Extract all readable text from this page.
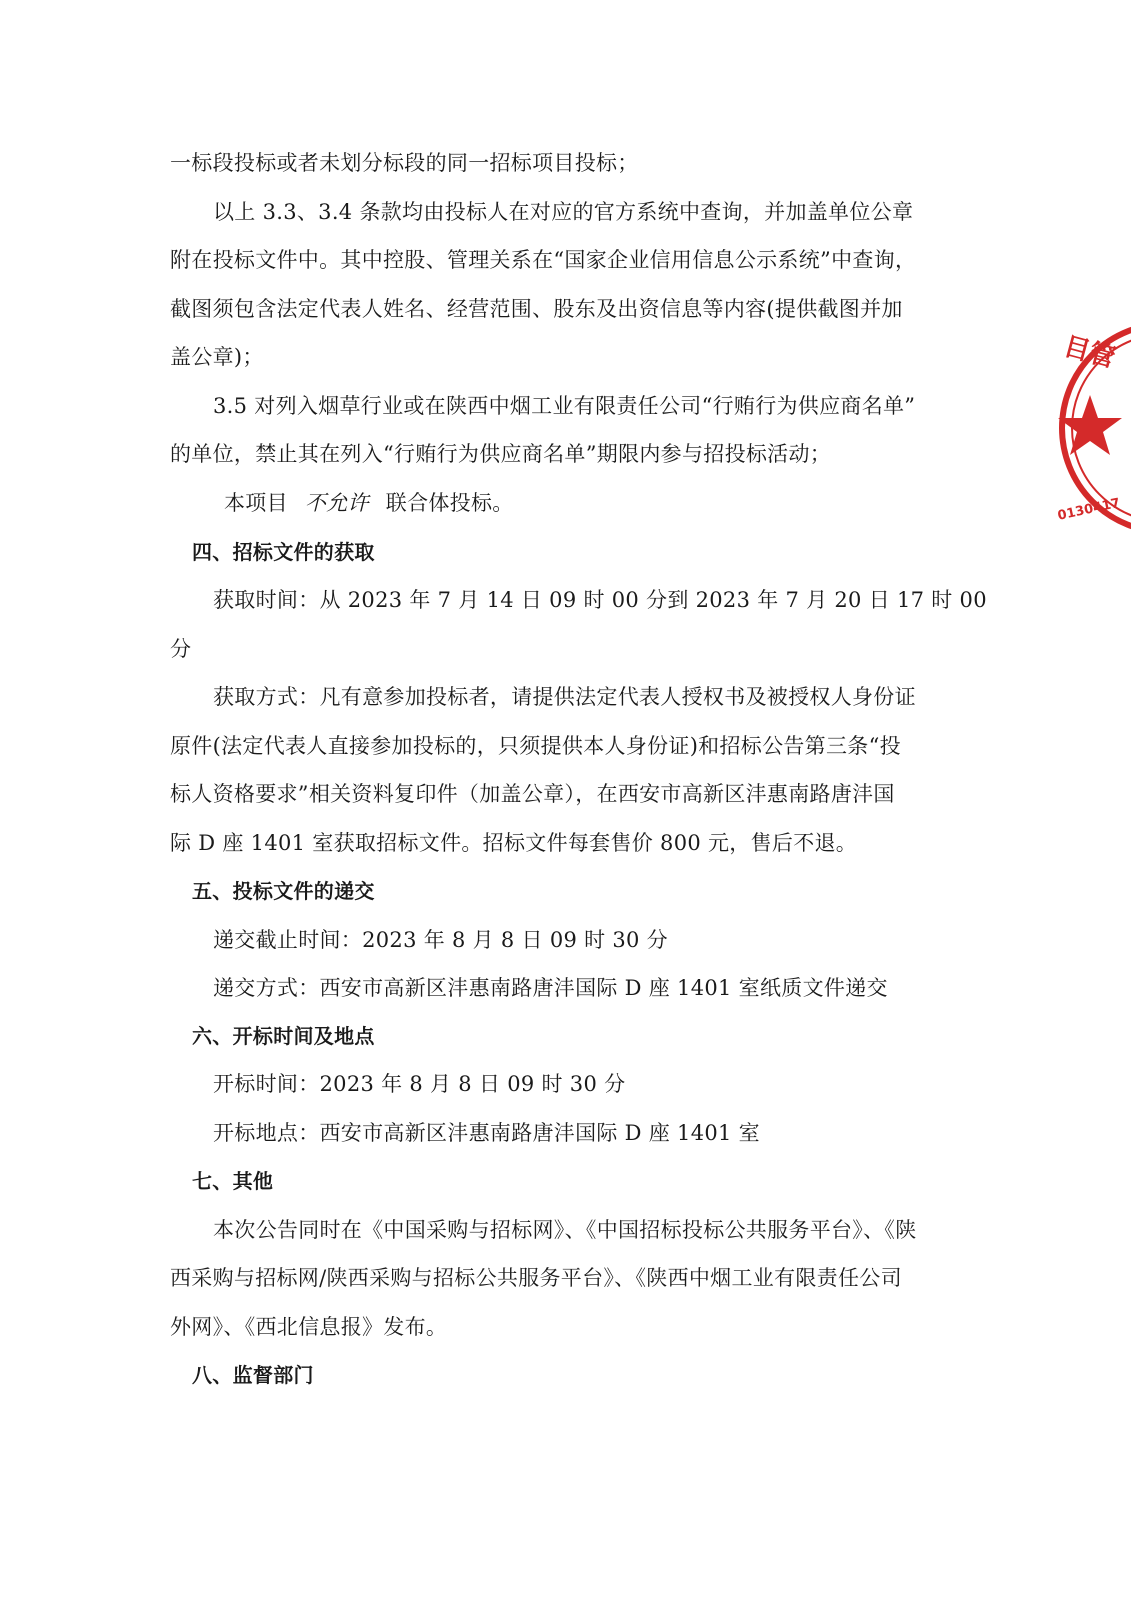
一标段投标或者未划分标段的同一招标项目投标；
以上 3.3、3.4 条款均由投标人在对应的官方系统中查询，并加盖单位公章
附在投标文件中。其中控股、管理关系在“国家企业信用信息公示系统”中查询，
截图须包含法定代表人姓名、经营范围、股东及出资信息等内容(提供截图并加
盖公章)；
3.5 对列入烟草行业或在陕西中烟工业有限责任公司“行贿行为供应商名单”
的单位，禁止其在列入“行贿行为供应商名单”期限内参与招投标活动；
本项目 不允许 联合体投标。
四、招标文件的获取
获取时间：从 2023 年 7 月 14 日 09 时 00 分到 2023 年 7 月 20 日 17 时 00
分
获取方式：凡有意参加投标者，请提供法定代表人授权书及被授权人身份证
原件(法定代表人直接参加投标的，只须提供本人身份证)和招标公告第三条“投
标人资格要求”相关资料复印件（加盖公章），在西安市高新区沣惠南路唐沣国
际 D 座 1401 室获取招标文件。招标文件每套售价 800 元，售后不退。
五、投标文件的递交
递交截止时间：2023 年 8 月 8 日 09 时 30 分
递交方式：西安市高新区沣惠南路唐沣国际 D 座 1401 室纸质文件递交
六、开标时间及地点
开标时间：2023 年 8 月 8 日 09 时 30 分
开标地点：西安市高新区沣惠南路唐沣国际 D 座 1401 室
七、其他
本次公告同时在《中国采购与招标网》、《中国招标投标公共服务平台》、《陕
西采购与招标网/陕西采购与招标公共服务平台》、《陕西中烟工业有限责任公司
外网》、《西北信息报》发布。
八、监督部门
目管
0130417
